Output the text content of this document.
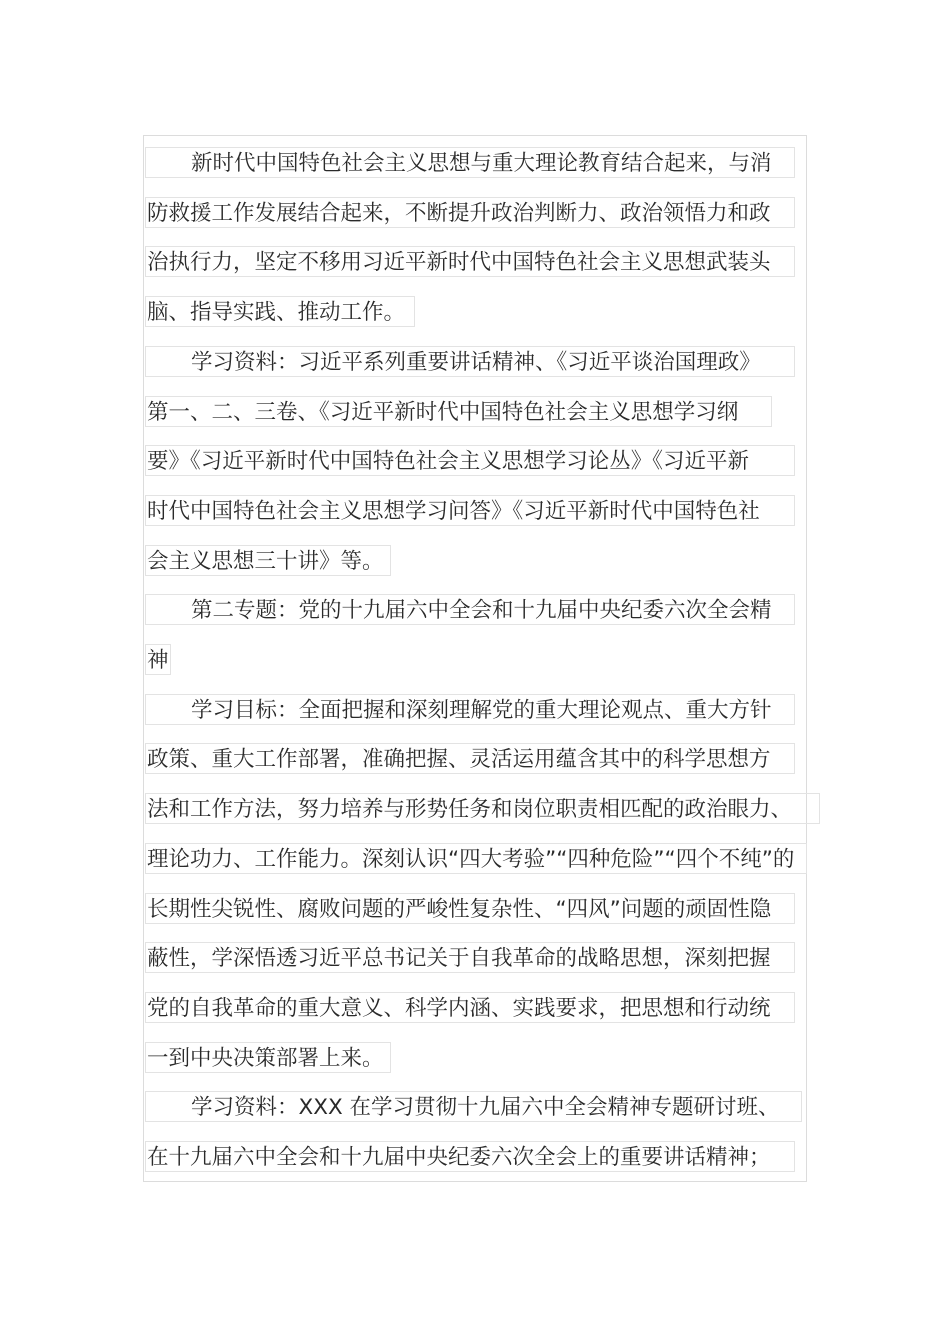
新时代中国特色社会主义思想与重大理论教育结合起来，与消
防救援工作发展结合起来，不断提升政治判断力、政治领悟力和政
治执行力，坚定不移用习近平新时代中国特色社会主义思想武装头
脑、指导实践、推动工作。
学习资料：习近平系列重要讲话精神、《习近平谈治国理政》
第一、二、三卷、《习近平新时代中国特色社会主义思想学习纲
要》《习近平新时代中国特色社会主义思想学习论丛》《习近平新
时代中国特色社会主义思想学习问答》《习近平新时代中国特色社
会主义思想三十讲》等。
第二专题：党的十九届六中全会和十九届中央纪委六次全会精
神
学习目标：全面把握和深刻理解党的重大理论观点、重大方针
政策、重大工作部署，准确把握、灵活运用蕴含其中的科学思想方
法和工作方法，努力培养与形势任务和岗位职责相匹配的政治眼力、
理论功力、工作能力。深刻认识“四大考验”“四种危险”“四个不纯”的
长期性尖锐性、腐败问题的严峻性复杂性、“四风”问题的顽固性隐
蔽性，学深悟透习近平总书记关于自我革命的战略思想，深刻把握
党的自我革命的重大意义、科学内涵、实践要求，把思想和行动统
一到中央决策部署上来。
学习资料：XXX 在学习贯彻十九届六中全会精神专题研讨班、
在十九届六中全会和十九届中央纪委六次全会上的重要讲话精神；
